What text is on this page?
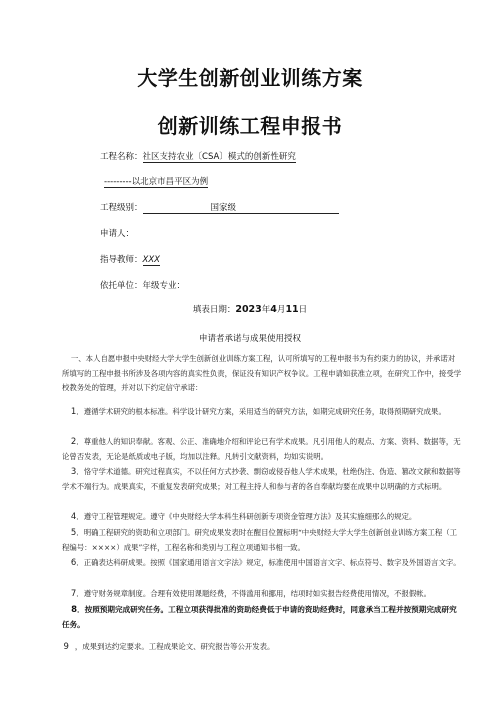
大学生创新创业训练方案
创新训练工程申报书
工程名称：社区支持农业〔CSA〕模式的创新性研究
---------以北京市昌平区为例
工程级别：	国家级
申请人：
指导教师：XXX
依托单位：年级专业：
填表日期：2023年4月11日
申请者承诺与成果使用授权

一、本人自愿申报中央财经大学大学生创新创业训练方案工程，认可所填写的工程申报书为有约束力的协议，并承诺对所填写的工程申报书所涉及各项内容的真实性负责，保证没有知识产权争议。工程申请如获准立项，在研究工作中，接受学校教务处的管理，并对以下约定信守承诺：

1．遵循学术研究的根本标准。科学设计研究方案，采用适当的研究方法，如期完成研究任务，取得预期研究成果。

2．尊重他人的知识奉献。客观、公正、准确地介绍和评论已有学术成果。凡引用他人的观点、方案、资料、数据等，无论曾否发表，无论是纸质或电子版，均加以注释。凡转引文献资料，均如实说明。

3．恪守学术道德。研究过程真实，不以任何方式抄袭、剽窃或侵吞他人学术成果，杜绝伪注、伪造、篡改文献和数据等学术不端行为。成果真实，不重复发表研究成果；对工程主持人和参与者的各自奉献均要在成果中以明确的方式标明。

4．遵守工程管理规定。遵守《中央财经大学本科生科研创新专项资金管理方法》及其实施细那么的规定。

5．明确工程研究的资助和立项部门。研究成果发表时在醒目位置标明“中央财经大学大学生创新创业训练方案工程（工程编号：××××）成果”字样，工程名称和类别与工程立项通知书相一致。

6．正确表达科研成果。按照《国家通用语言文字法》规定，标准使用中国语言文字、标点符号、数字及外国语言文字。

7．遵守财务规章制度。合理有效使用课题经费，不得滥用和挪用，结项时如实报告经费使用情况，不报假帐。

8．按照预期完成研究任务。工程立项获得批准的资助经费低于申请的资助经费时，同意承当工程并按预期完成研究任务。

9 ，成果到达约定要求。工程成果论文、研究报告等公开发表。
